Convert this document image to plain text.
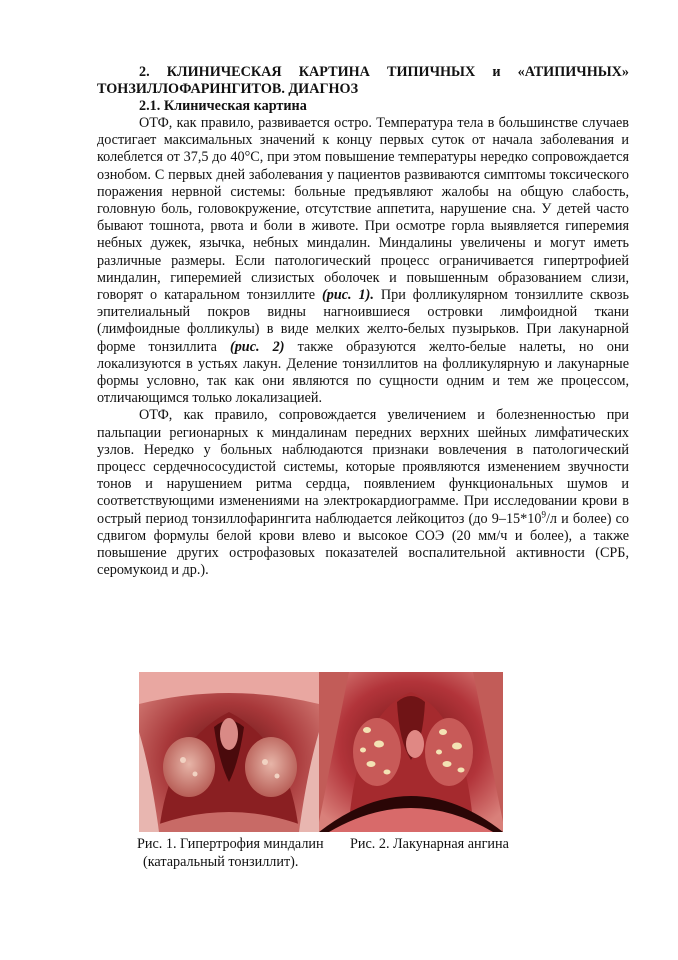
2. КЛИНИЧЕСКАЯ КАРТИНА ТИПИЧНЫХ и «АТИПИЧНЫХ» ТОНЗИЛЛОФАРИНГИТОВ. ДИАГНОЗ

2.1. Клиническая картина

ОТФ, как правило, развивается остро. Температура тела в большинстве случаев достигает максимальных значений к концу первых суток от начала заболевания и колеблется от 37,5 до 40°С, при этом повышение температуры нередко сопровождается ознобом. С первых дней заболевания у пациентов развиваются симптомы токсического поражения нервной системы: больные предъявляют жалобы на общую слабость, головную боль, головокружение, отсутствие аппетита, нарушение сна. У детей часто бывают тошнота, рвота и боли в животе. При осмотре горла выявляется гиперемия небных дужек, язычка, небных миндалин. Миндалины увеличены и могут иметь различные размеры. Если патологический процесс ограничивается гипертрофией миндалин, гиперемией слизистых оболочек и повышенным образованием слизи, говорят о катаральном тонзиллите (рис. 1). При фолликулярном тонзиллите сквозь эпителиальный покров видны нагноившиеся островки лимфоидной ткани (лимфоидные фолликулы) в виде мелких желто-белых пузырьков. При лакунарной форме тонзиллита (рис. 2) также образуются желто-белые налеты, но они локализуются в устьях лакун. Деление тонзиллитов на фолликулярную и лакунарные формы условно, так как они являются по сущности одним и тем же процессом, отличающимся только локализацией.

ОТФ, как правило, сопровождается увеличением и болезненностью при пальпации регионарных к миндалинам передних верхних шейных лимфатических узлов. Нередко у больных наблюдаются признаки вовлечения в патологический процесс сердечнососудистой системы, которые проявляются изменением звучности тонов и нарушением ритма сердца, появлением функциональных шумов и соответствующими изменениями на электрокардиограмме. При исследовании крови в острый период тонзиллофарингита наблюдается лейкоцитоз (до $9-15*10^9/л$ и более) со сдвигом формулы белой крови влево и высокое СОЭ (20 мм/ч и более), а также повышение других острофазовых показателей воспалительной активности (СРБ, серомукоид и др.).

Рис. 1. Гипертрофия миндалин
(катаральный тонзиллит).
Рис. 2. Лакунарная ангина
